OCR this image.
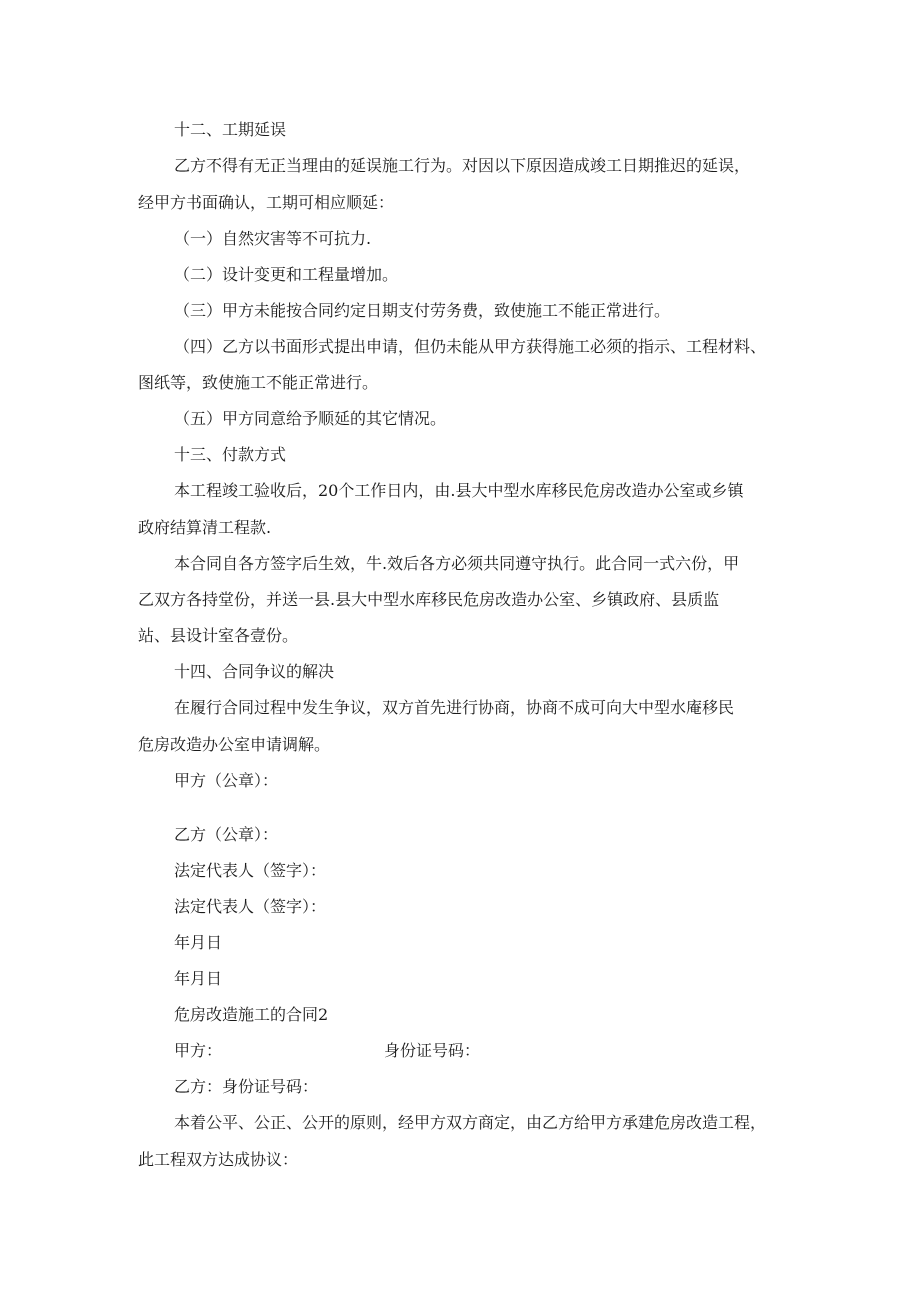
十二、工期延误
乙方不得有无正当理由的延误施工行为。对因以下原因造成竣工日期推迟的延误，
经甲方书面确认，工期可相应顺延：
（一）自然灾害等不可抗力.
（二）设计变更和工程量增加。
（三）甲方未能按合同约定日期支付劳务费，致使施工不能正常进行。
（四）乙方以书面形式提出申请，但仍未能从甲方获得施工必须的指示、工程材料、
图纸等，致使施工不能正常进行。
（五）甲方同意给予顺延的其它情况。
十三、付款方式
本工程竣工验收后，20个工作日内，由.县大中型水库移民危房改造办公室或乡镇
政府结算清工程款.
本合同自各方签字后生效，牛.效后各方必须共同遵守执行。此合同一式六份，甲
乙双方各持堂份，并送一县.县大中型水库移民危房改造办公室、乡镇政府、县质监
站、县设计室各壹份。
十四、合同争议的解决
在履行合同过程中发生争议，双方首先进行协商，协商不成可向大中型水庵移民
危房改造办公室申请调解。
甲方（公章）：
乙方（公章）：
法定代表人（签字）：
法定代表人（签字）：
年月日
年月日
危房改造施工的合同2
甲方：	身份证号码：
乙方：身份证号码：
本着公平、公正、公开的原则，经甲方双方商定，由乙方给甲方承建危房改造工程，
此工程双方达成协议：
